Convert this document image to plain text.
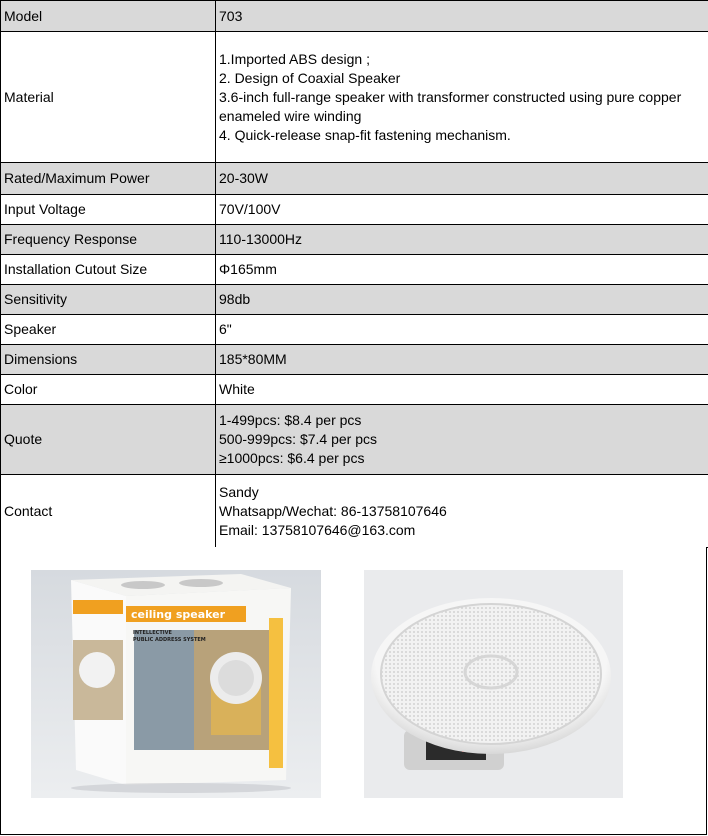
Model	703

Material	1.Imported ABS design ;
2. Design of Coaxial Speaker
3.6-inch full-range speaker with transformer constructed using pure copper enameled wire winding
4. Quick-release snap-fit fastening mechanism.

Rated/Maximum Power	20-30W

Input Voltage	70V/100V

Frequency Response	110-13000Hz

Installation Cutout Size	Φ165mm

Sensitivity	98db

Speaker	6"

Dimensions	185*80MM

Color	White

Quote	1-499pcs: $8.4 per pcs
500-999pcs: $7.4 per pcs
≥1000pcs: $6.4 per pcs

Contact	Sandy
Whatsapp/Wechat: 86-13758107646
Email: 13758107646@163.com
ceiling speaker
INTELLECTIVE
PUBLIC ADDRESS SYSTEM
